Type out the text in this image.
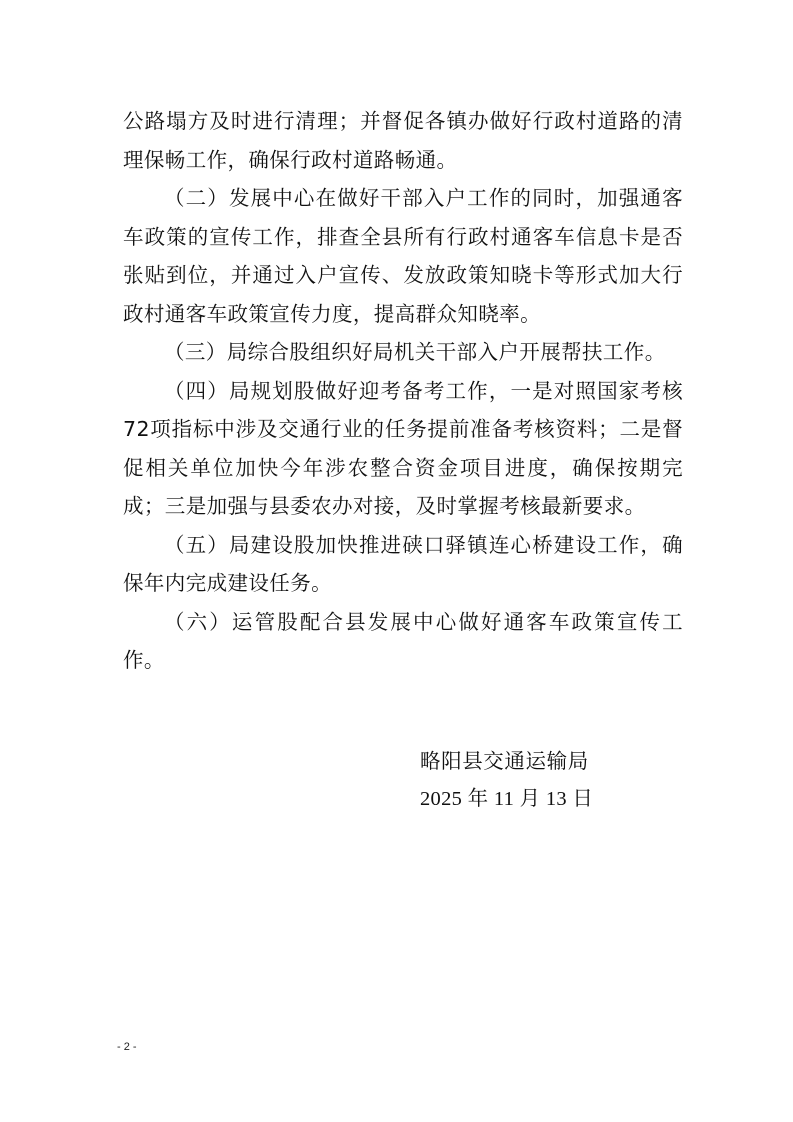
公路塌方及时进行清理；并督促各镇办做好行政村道路的清理保畅工作，确保行政村道路畅通。

（二）发展中心在做好干部入户工作的同时，加强通客车政策的宣传工作，排查全县所有行政村通客车信息卡是否张贴到位，并通过入户宣传、发放政策知晓卡等形式加大行政村通客车政策宣传力度，提高群众知晓率。

（三）局综合股组织好局机关干部入户开展帮扶工作。

（四）局规划股做好迎考备考工作，一是对照国家考核72项指标中涉及交通行业的任务提前准备考核资料；二是督促相关单位加快今年涉农整合资金项目进度，确保按期完成；三是加强与县委农办对接，及时掌握考核最新要求。

（五）局建设股加快推进硖口驿镇连心桥建设工作，确保年内完成建设任务。

（六）运管股配合县发展中心做好通客车政策宣传工作。

略阳县交通运输局
2025 年 11 月 13 日
- 2 -
